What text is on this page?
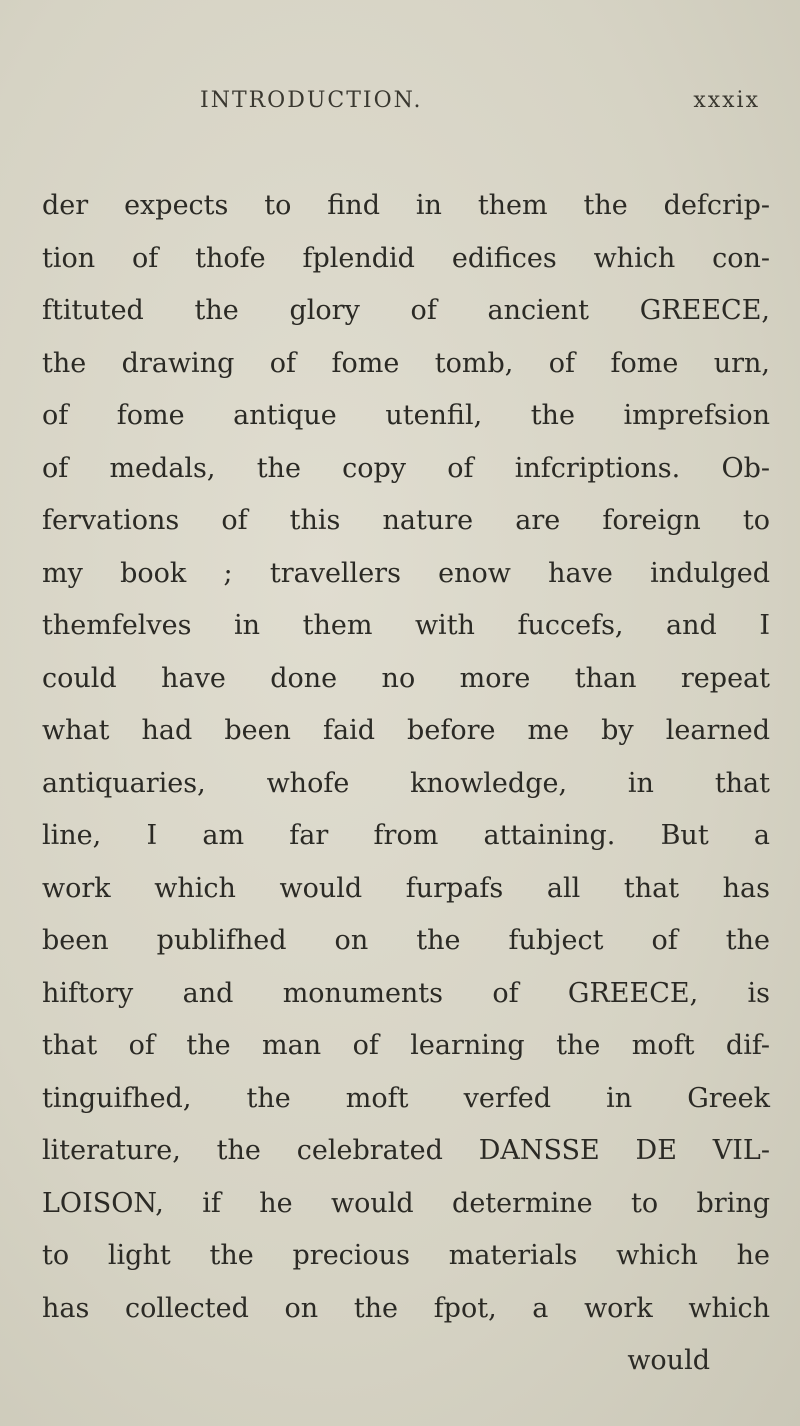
INTRODUCTION.	xxxix
der expects to find in them the defcrip-
tion of thofe fplendid edifices which con-
ftituted the glory of ancient GREECE,
the drawing of fome tomb, of fome urn,
of fome antique utenfil, the imprefsion
of medals, the copy of infcriptions. Ob-
fervations of this nature are foreign to
my book ; travellers enow have indulged
themfelves in them with fuccefs, and I
could have done no more than repeat
what had been faid before me by learned
antiquaries, whofe knowledge, in that
line, I am far from attaining. But a
work which would furpafs all that has
been publifhed on the fubject of the
hiftory and monuments of GREECE, is
that of the man of learning the moft dif-
tinguifhed, the moft verfed in Greek
literature, the celebrated DANSSE DE VIL-
LOISON, if he would determine to bring
to light the precious materials which he
has collected on the fpot, a work which
would
